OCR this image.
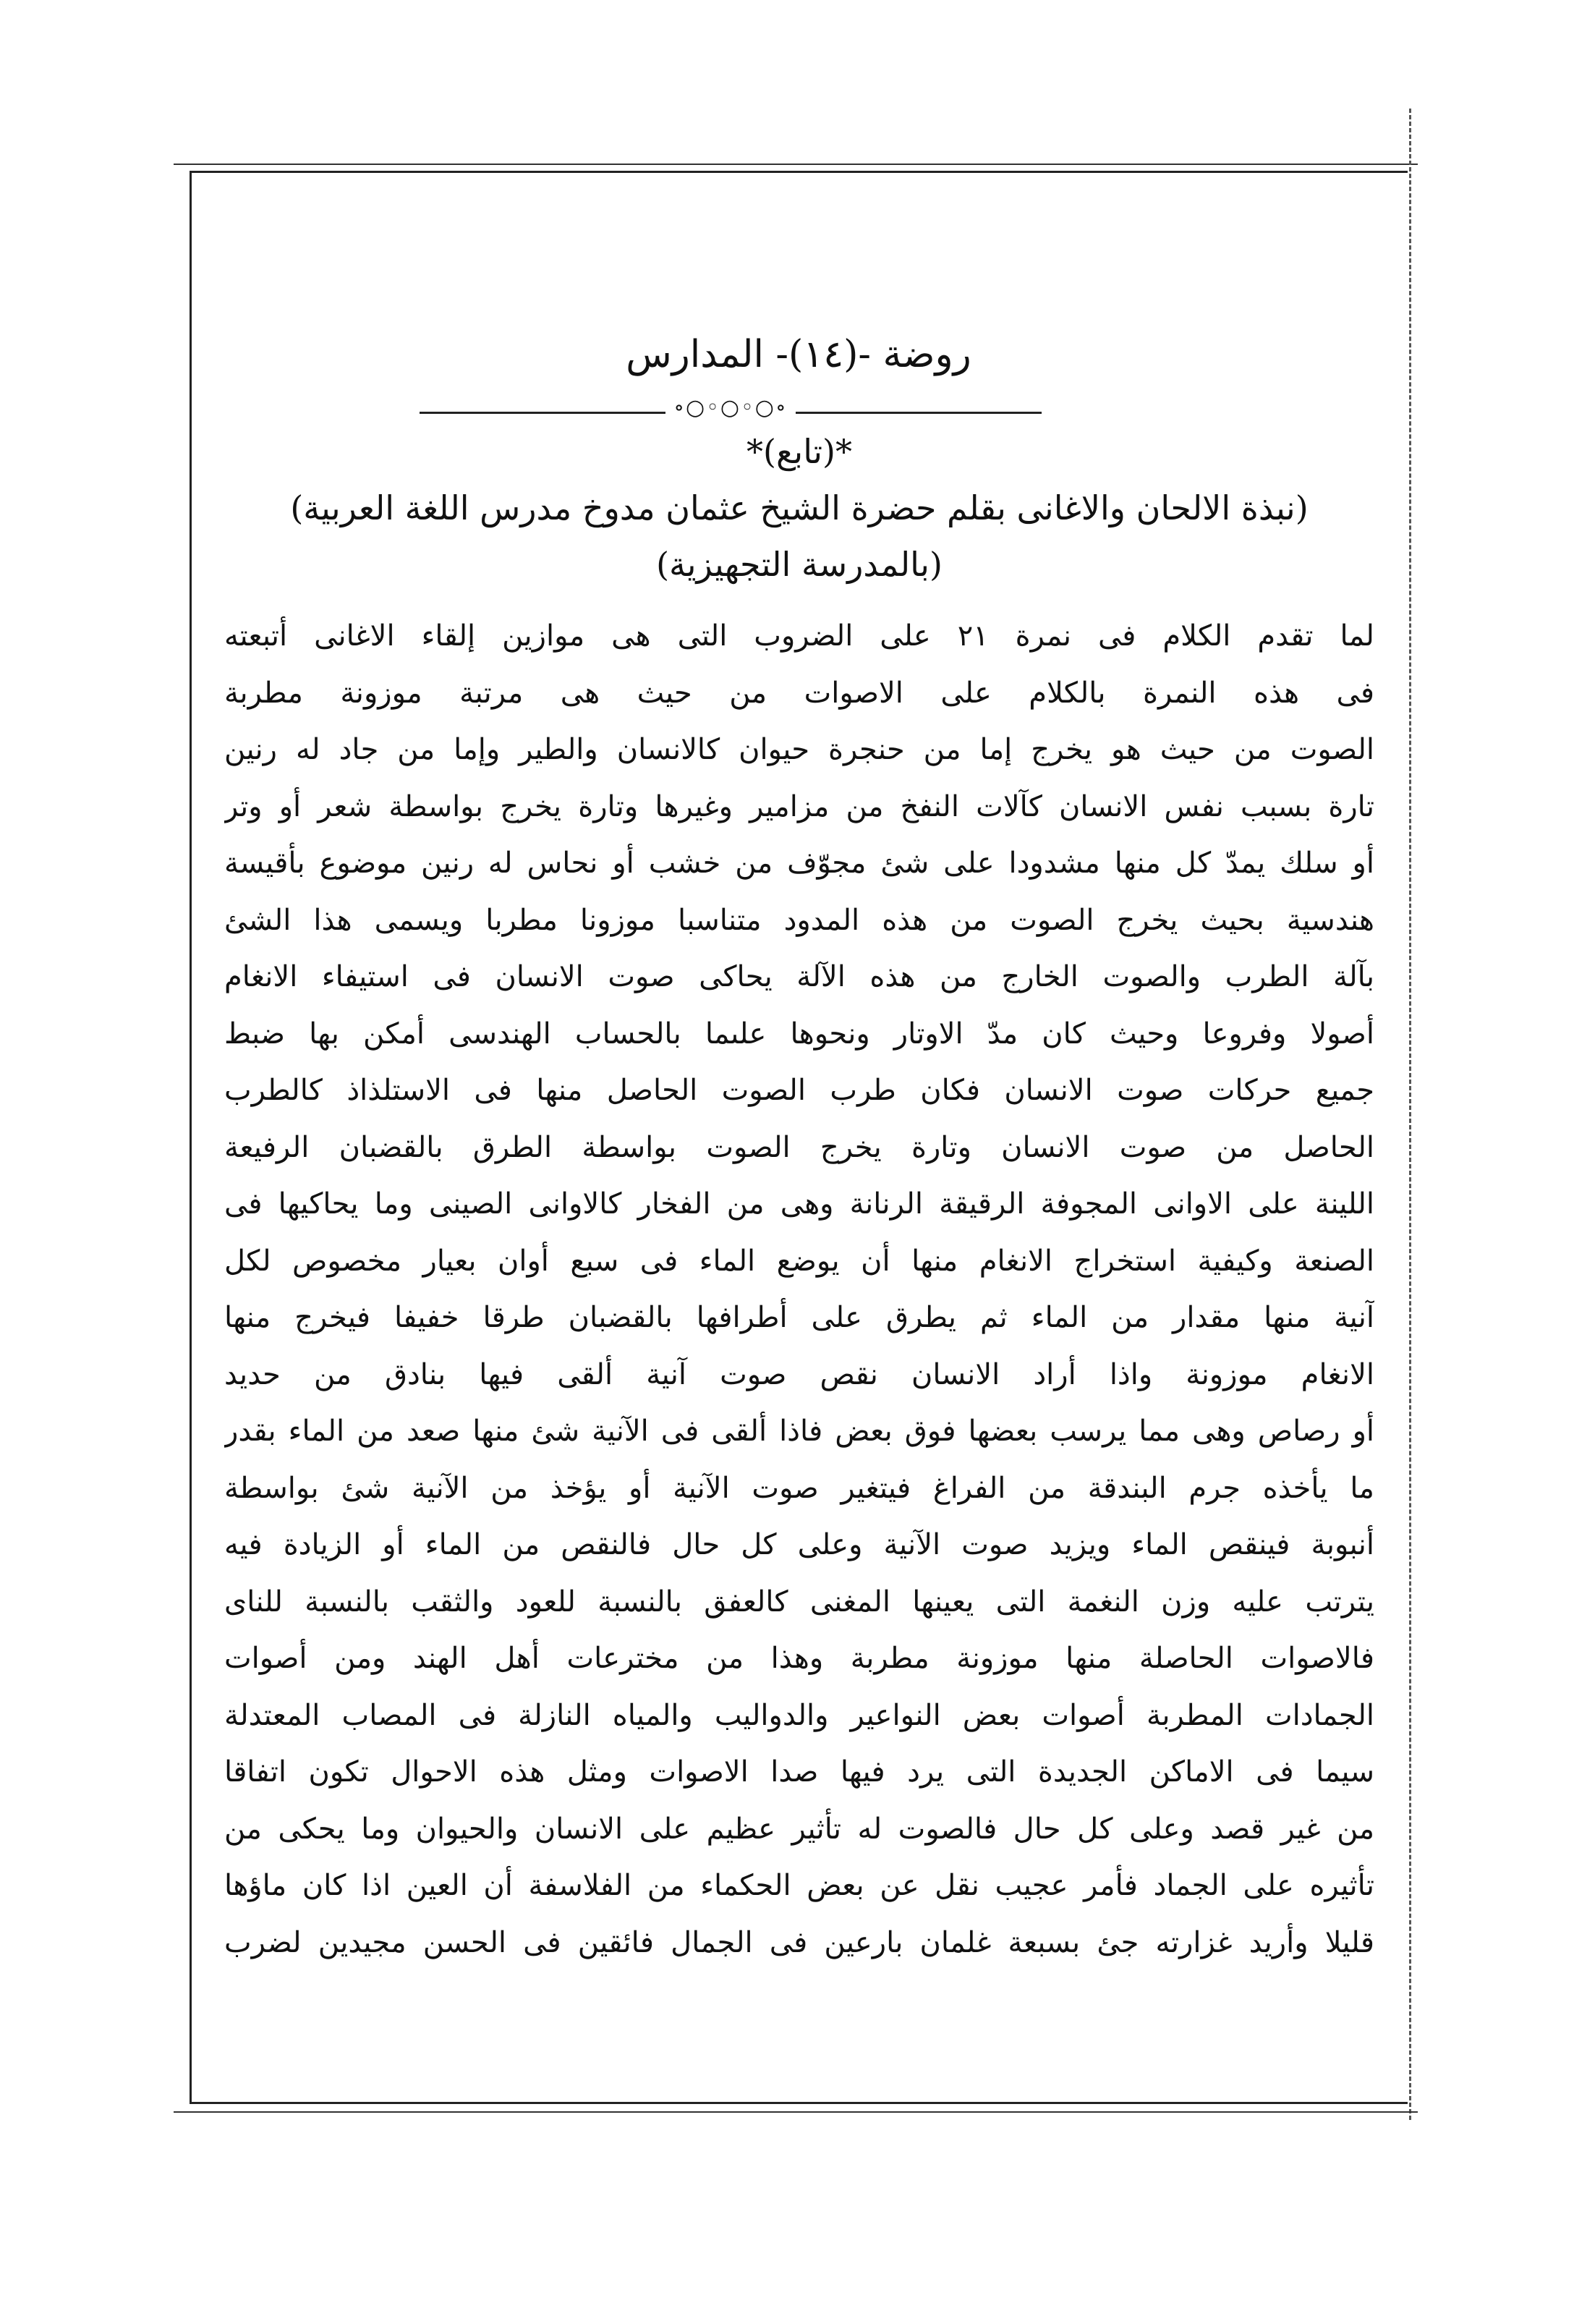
روضة -(١٤)- المدارس
∘○◦○◦○∘
*(تابع)*
(نبذة الالحان والاغانى بقلم حضرة الشيخ عثمان مدوخ مدرس اللغة العربية)
(بالمدرسة التجهيزية)
لما تقدم الكلام فى نمرة ٢١ على الضروب التى هى موازين إلقاء الاغانى أتبعته
فى هذه النمرة بالكلام على الاصوات من حيث هى مرتبة موزونة مطربة
الصوت من حيث هو يخرج إما من حنجرة حيوان كالانسان والطير وإما من جاد له رنين
تارة بسبب نفس الانسان كآلات النفخ من مزامير وغيرها وتارة يخرج بواسطة شعر أو وتر
أو سلك يمدّ كل منها مشدودا على شئ مجوّف من خشب أو نحاس له رنين موضوع بأقيسة
هندسية بحيث يخرج الصوت من هذه المدود متناسبا موزونا مطربا ويسمى هذا الشئ
بآلة الطرب والصوت الخارج من هذه الآلة يحاكى صوت الانسان فى استيفاء الانغام
أصولا وفروعا وحيث كان مدّ الاوتار ونحوها علىما بالحساب الهندسى أمكن بها ضبط
جميع حركات صوت الانسان فكان طرب الصوت الحاصل منها فى الاستلذاذ كالطرب
الحاصل من صوت الانسان وتارة يخرج الصوت بواسطة الطرق بالقضبان الرفيعة
اللينة على الاوانى المجوفة الرقيقة الرنانة وهى من الفخار كالاوانى الصينى وما يحاكيها فى
الصنعة وكيفية استخراج الانغام منها أن يوضع الماء فى سبع أوان بعيار مخصوص لكل
آنية منها مقدار من الماء ثم يطرق على أطرافها بالقضبان طرقا خفيفا فيخرج منها
الانغام موزونة واذا أراد الانسان نقص صوت آنية ألقى فيها بنادق من حديد
أو رصاص وهى مما يرسب بعضها فوق بعض فاذا ألقى فى الآنية شئ منها صعد من الماء بقدر
ما يأخذه جرم البندقة من الفراغ فيتغير صوت الآنية أو يؤخذ من الآنية شئ بواسطة
أنبوبة فينقص الماء ويزيد صوت الآنية وعلى كل حال فالنقص من الماء أو الزيادة فيه
يترتب عليه وزن النغمة التى يعينها المغنى كالعفق بالنسبة للعود والثقب بالنسبة للناى
فالاصوات الحاصلة منها موزونة مطربة وهذا من مخترعات أهل الهند ومن أصوات
الجمادات المطربة أصوات بعض النواعير والدواليب والمياه النازلة فى المصاب المعتدلة
سيما فى الاماكن الجديدة التى يرد فيها صدا الاصوات ومثل هذه الاحوال تكون اتفاقا
من غير قصد وعلى كل حال فالصوت له تأثير عظيم على الانسان والحيوان وما يحكى من
تأثيره على الجماد فأمر عجيب نقل عن بعض الحكماء من الفلاسفة أن العين اذا كان ماؤها
قليلا وأريد غزارته جئ بسبعة غلمان بارعين فى الجمال فائقين فى الحسن مجيدين لضرب
